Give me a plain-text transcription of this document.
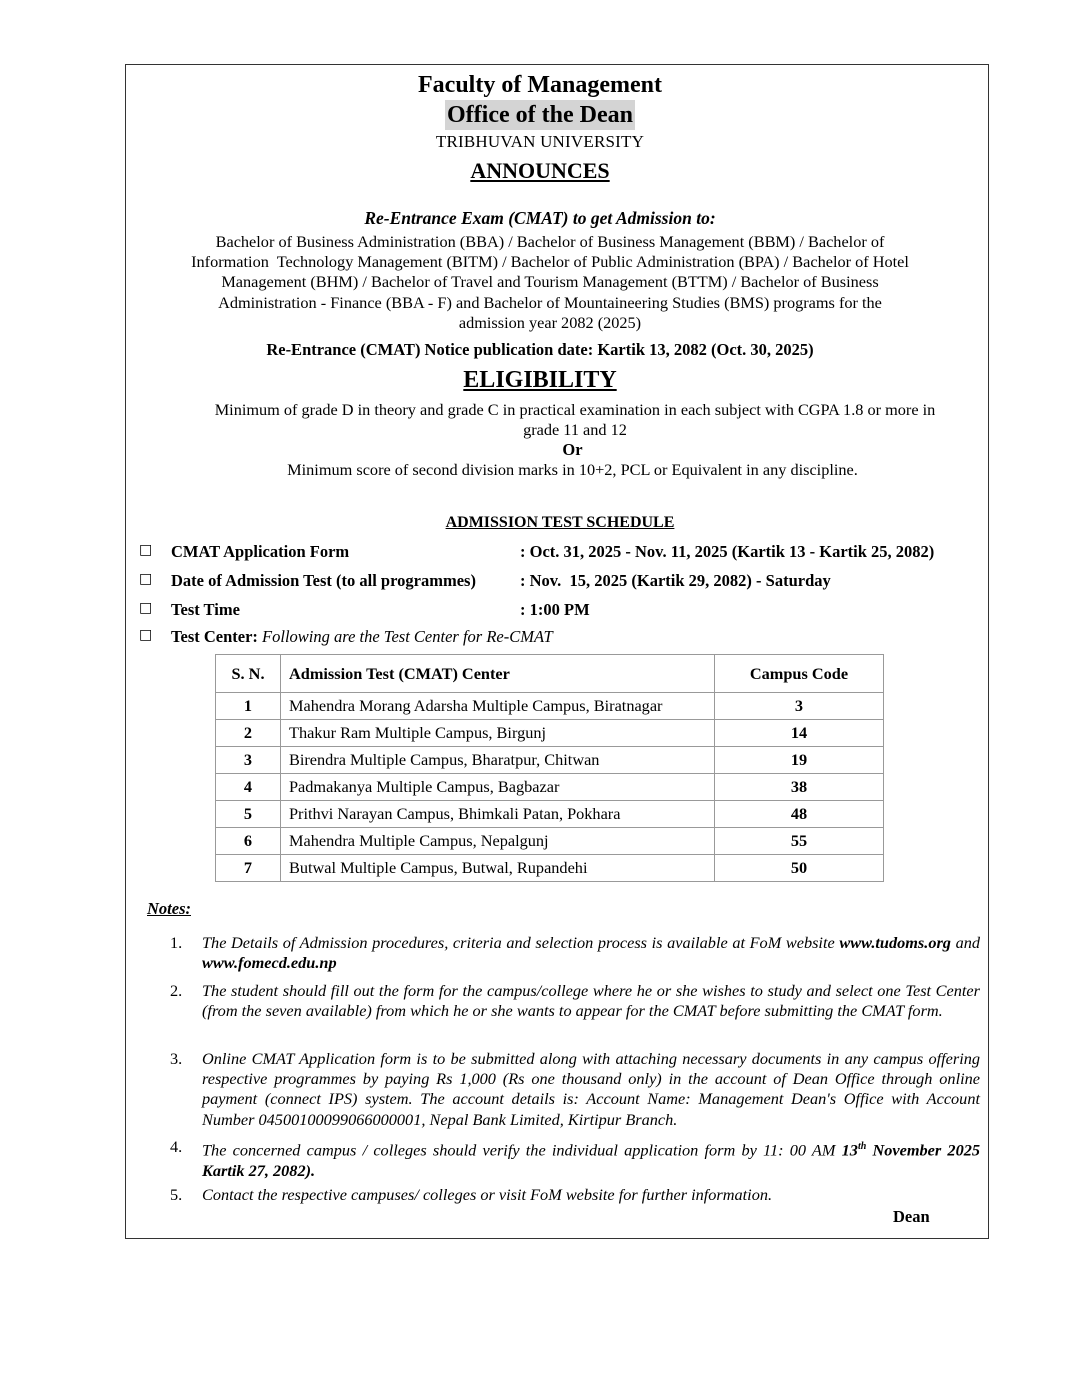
Faculty of Management
Office of the Dean
TRIBHUVAN UNIVERSITY
ANNOUNCES
Re-Entrance Exam (CMAT) to get Admission to:
Bachelor of Business Administration (BBA) / Bachelor of Business Management (BBM) / Bachelor of
Information  Technology Management (BITM) / Bachelor of Public Administration (BPA) / Bachelor of Hotel
Management (BHM) / Bachelor of Travel and Tourism Management (BTTM) / Bachelor of Business
Administration - Finance (BBA - F) and Bachelor of Mountaineering Studies (BMS) programs for the
admission year 2082 (2025)
Re-Entrance (CMAT) Notice publication date: Kartik 13, 2082 (Oct. 30, 2025)
ELIGIBILITY
Minimum of grade D in theory and grade C in practical examination in each subject with CGPA 1.8 or more in
grade 11 and 12
Or
Minimum score of second division marks in 10+2, PCL or Equivalent in any discipline.
ADMISSION TEST SCHEDULE
□ CMAT Application Form	: Oct. 31, 2025 - Nov. 11, 2025 (Kartik 13 - Kartik 25, 2082)
□ Date of Admission Test (to all programmes)	: Nov.  15, 2025 (Kartik 29, 2082) - Saturday
□ Test Time	: 1:00 PM
□ Test Center: Following are the Test Center for Re-CMAT
S. N.	Admission Test (CMAT) Center	Campus Code
1	Mahendra Morang Adarsha Multiple Campus, Biratnagar	3
2	Thakur Ram Multiple Campus, Birgunj	14
3	Birendra Multiple Campus, Bharatpur, Chitwan	19
4	Padmakanya Multiple Campus, Bagbazar	38
5	Prithvi Narayan Campus, Bhimkali Patan, Pokhara	48
6	Mahendra Multiple Campus, Nepalgunj	55
7	Butwal Multiple Campus, Butwal, Rupandehi	50
Notes:
1. The Details of Admission procedures, criteria and selection process is available at FoM website www.tudoms.org and www.fomecd.edu.np
2. The student should fill out the form for the campus/college where he or she wishes to study and select one Test Center (from the seven available) from which he or she wants to appear for the CMAT before submitting the CMAT form.
3. Online CMAT Application form is to be submitted along with attaching necessary documents in any campus offering respective programmes by paying Rs 1,000 (Rs one thousand only) in the account of Dean Office through online payment (connect IPS) system. The account details is: Account Name: Management Dean's Office with Account Number 04500100099066000001, Nepal Bank Limited, Kirtipur Branch.
4. The concerned campus / colleges should verify the individual application form by 11: 00 AM 13th November 2025 Kartik 27, 2082).
5. Contact the respective campuses/ colleges or visit FoM website for further information.
Dean
